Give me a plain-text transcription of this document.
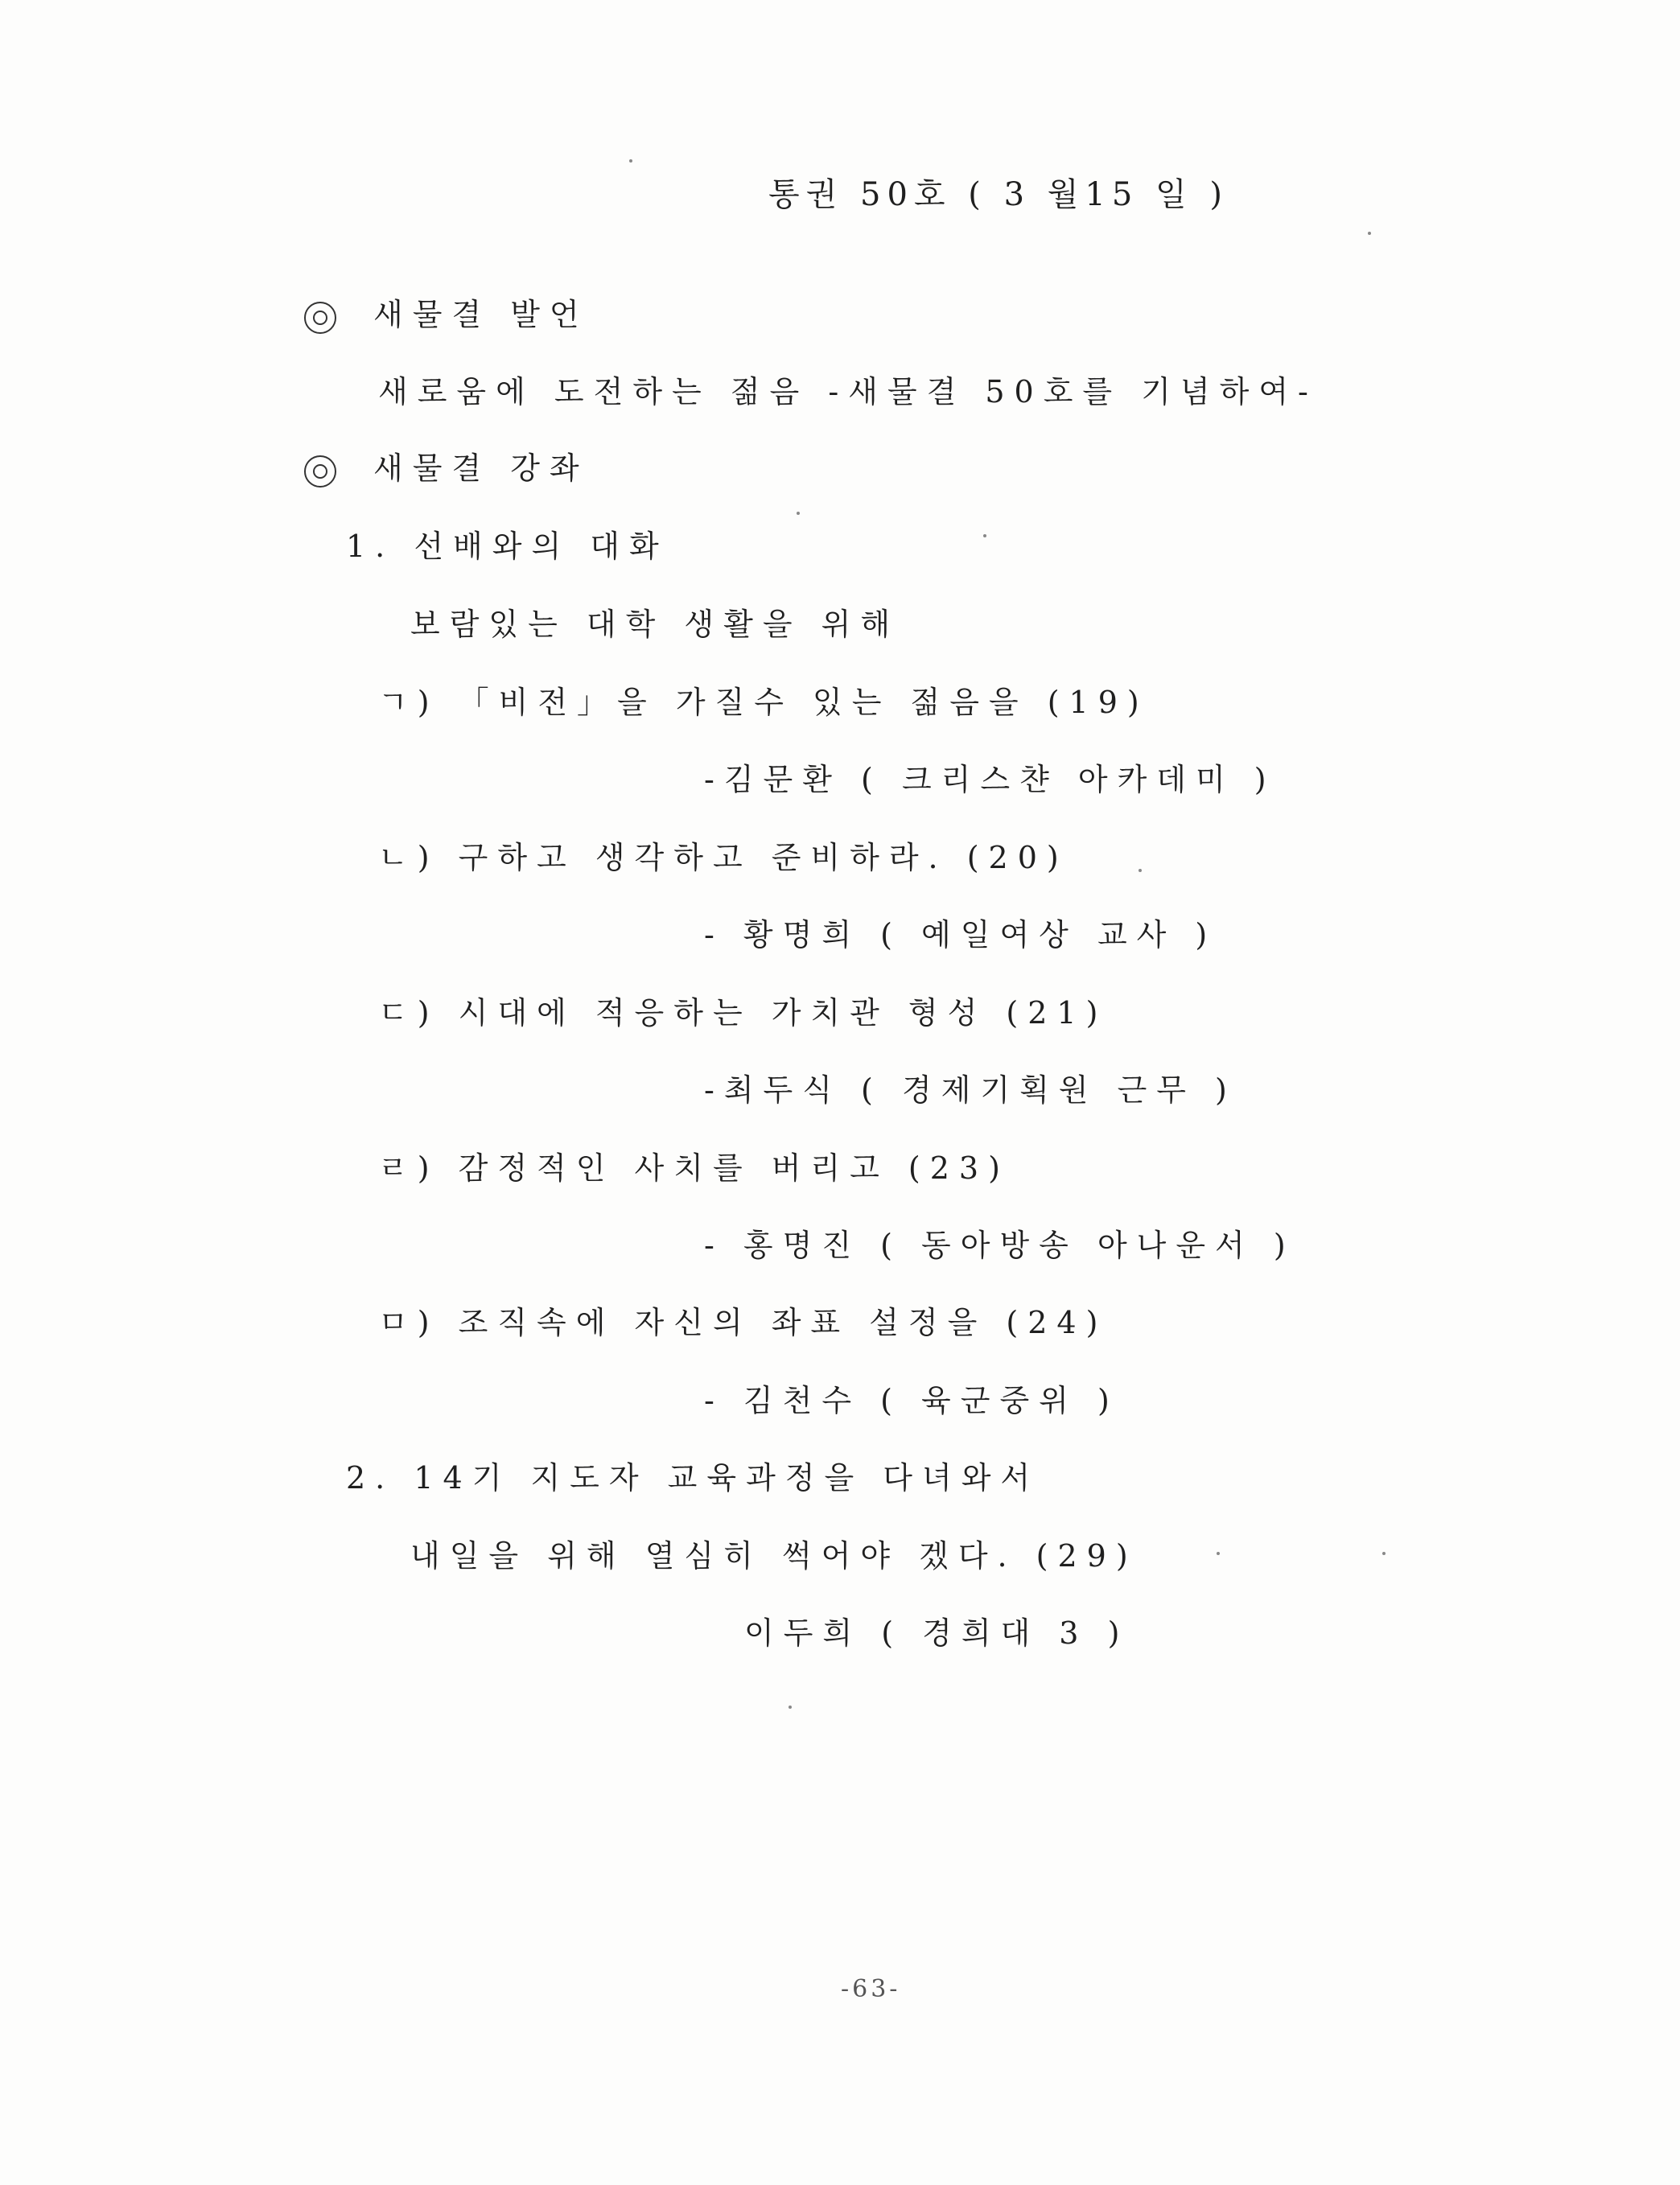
통권 50호 ( 3 월15 일 )
새물결 발언
새로움에 도전하는 젊음 -새물결 50호를 기념하여-
새물결 강좌
1. 선배와의 대화
보람있는 대학 생활을 위해
ㄱ) 「비전」을 가질수 있는 젊음을 (19)
-김문환 ( 크리스챤 아카데미 )
ㄴ) 구하고 생각하고 준비하라. (20)
- 황명희 ( 예일여상 교사 )
ㄷ) 시대에 적응하는 가치관 형성 (21)
-최두식 ( 경제기획원 근무 )
ㄹ) 감정적인 사치를 버리고 (23)
- 홍명진 ( 동아방송 아나운서 )
ㅁ) 조직속에 자신의 좌표 설정을 (24)
- 김천수 ( 육군중위 )
2. 14기 지도자 교육과정을 다녀와서
내일을 위해 열심히 썩어야 겠다. (29)
이두희 ( 경희대 3 )
-63-
